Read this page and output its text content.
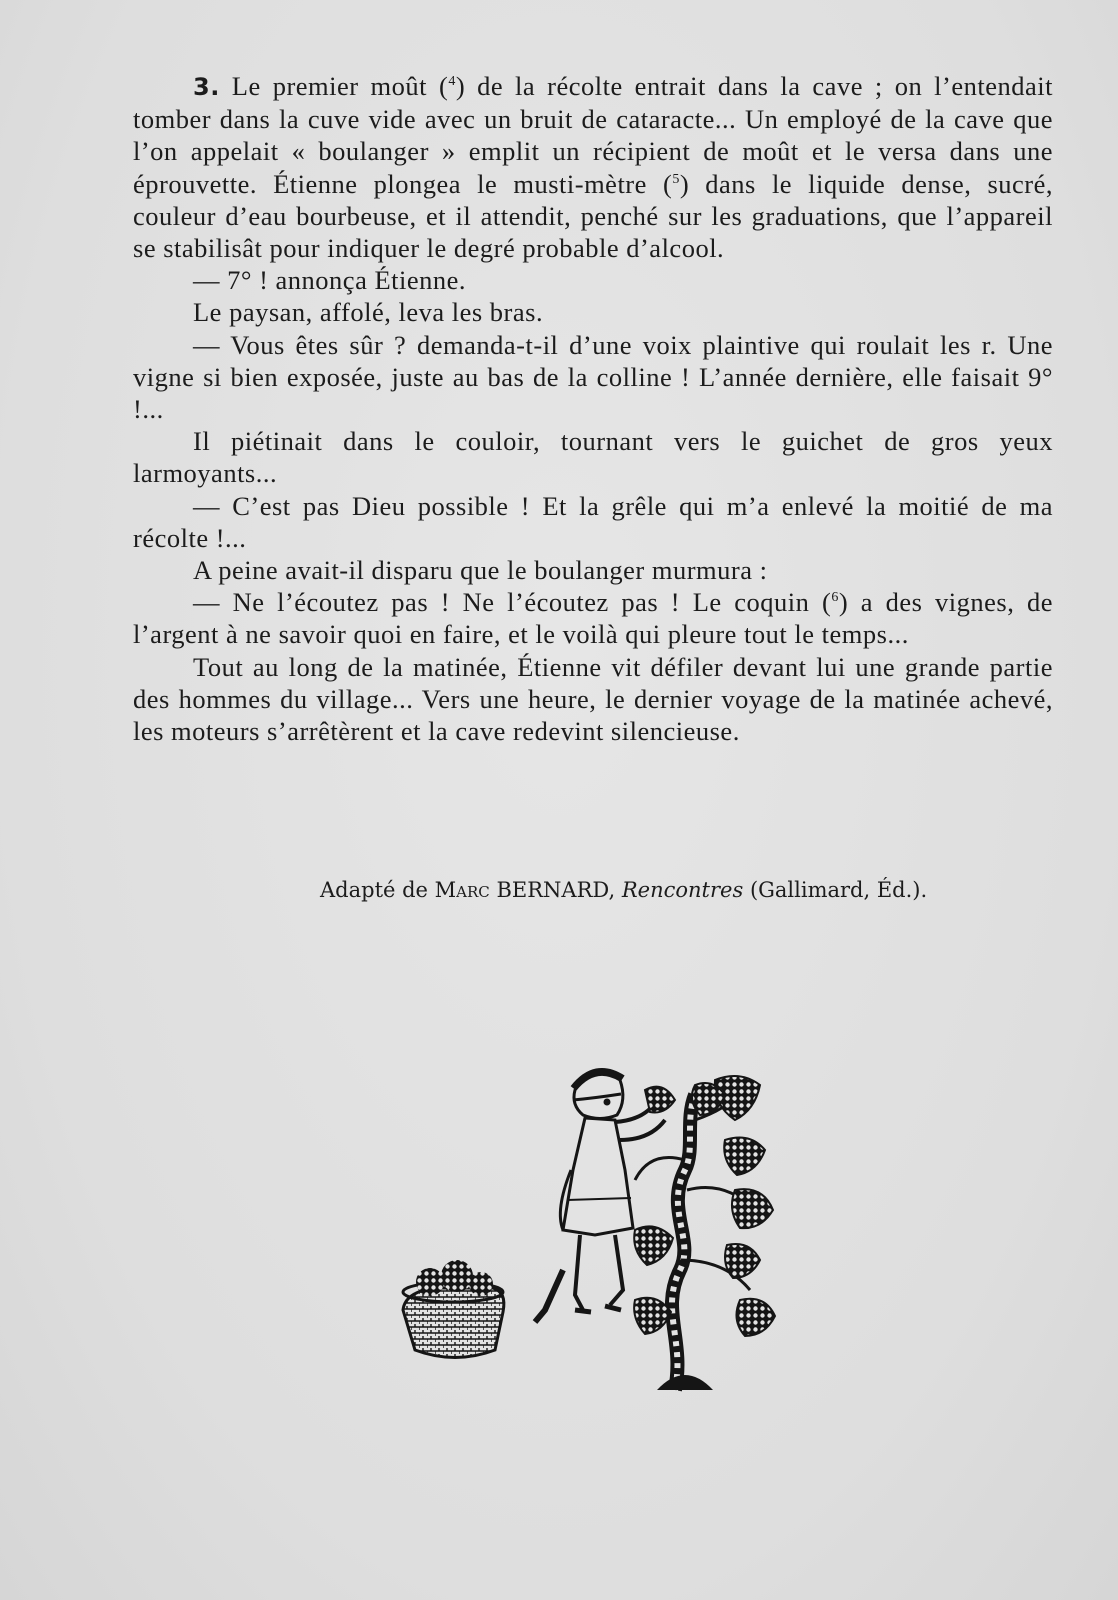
3. Le premier moût ($^4$) de la récolte entrait dans la cave ; on l’entendait tomber dans la cuve vide avec un bruit de cataracte... Un employé de la cave que l’on appelait « boulanger » emplit un récipient de moût et le versa dans une éprouvette. Étienne plongea le musti-mètre ($^5$) dans le liquide dense, sucré, couleur d’eau bourbeuse, et il attendit, penché sur les graduations, que l’appareil se stabilisât pour indiquer le degré probable d’alcool.

— 7° ! annonça Étienne.

Le paysan, affolé, leva les bras.

— Vous êtes sûr ? demanda-t-il d’une voix plaintive qui roulait les r. Une vigne si bien exposée, juste au bas de la colline ! L’année dernière, elle faisait 9° !...

Il piétinait dans le couloir, tournant vers le guichet de gros yeux larmoyants...

— C’est pas Dieu possible ! Et la grêle qui m’a enlevé la moitié de ma récolte !...

A peine avait-il disparu que le boulanger murmura :

— Ne l’écoutez pas ! Ne l’écoutez pas ! Le coquin ($^6$) a des vignes, de l’argent à ne savoir quoi en faire, et le voilà qui pleure tout le temps...

Tout au long de la matinée, Étienne vit défiler devant lui une grande partie des hommes du village... Vers une heure, le dernier voyage de la matinée achevé, les moteurs s’arrêtèrent et la cave redevint silencieuse.

Adapté de Marc BERNARD, Rencontres (Gallimard, Éd.).
